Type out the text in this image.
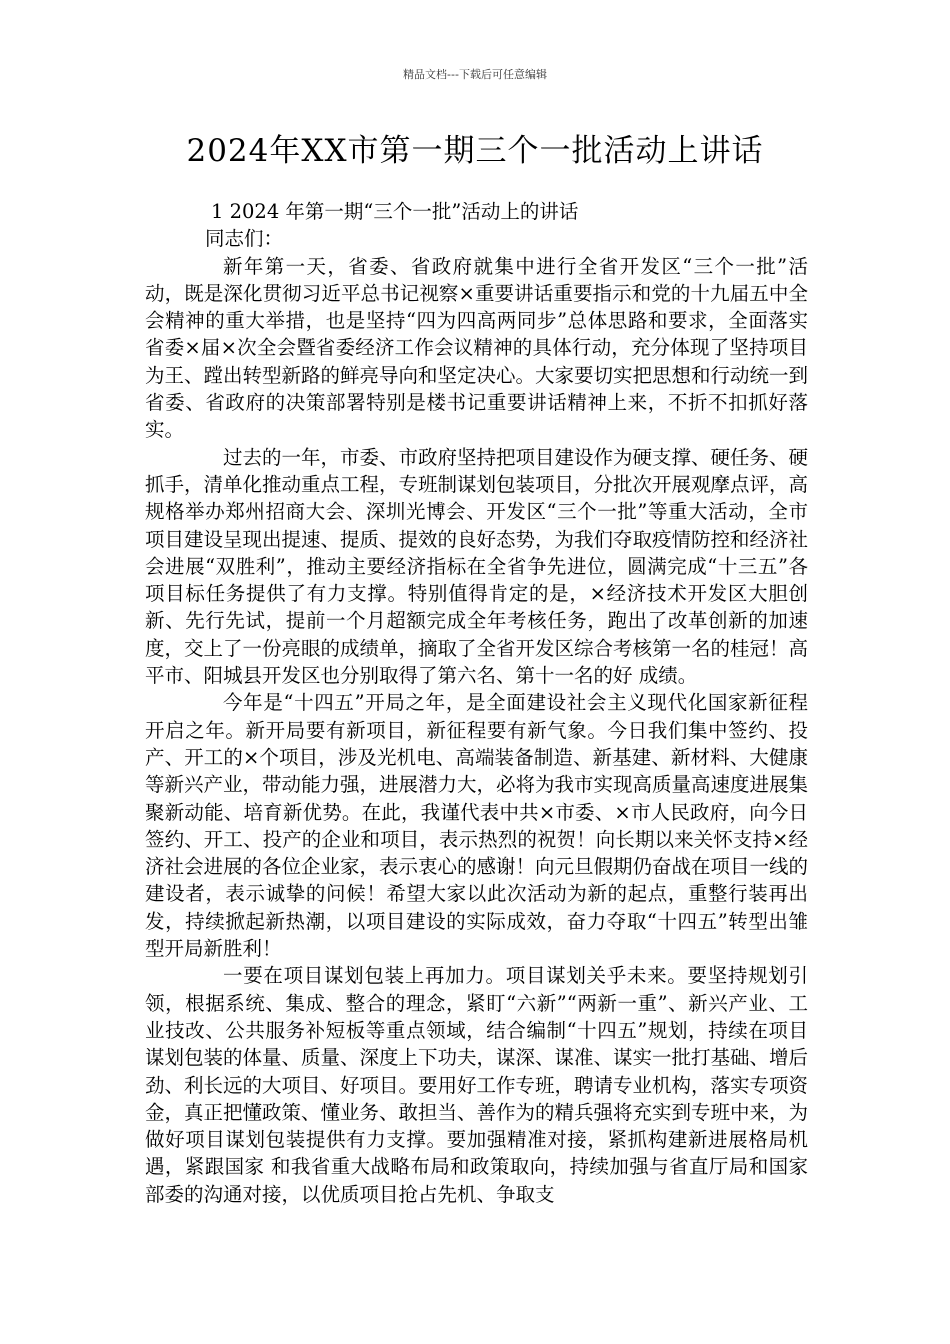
精品文档---下载后可任意编辑
2024年XX市第一期三个一批活动上讲话

1 2024 年第一期“三个一批”活动上的讲话

同志们：

新年第一天，省委、省政府就集中进行全省开发区“三个一批”活动，既是深化贯彻习近平总书记视察×重要讲话重要指示和党的十九届五中全会精神的重大举措，也是坚持“四为四高两同步”总体思路和要求，全面落实省委×届×次全会暨省委经济工作会议精神的具体行动，充分体现了坚持项目为王、蹚出转型新路的鲜亮导向和坚定决心。大家要切实把思想和行动统一到省委、省政府的决策部署特别是楼书记重要讲话精神上来，不折不扣抓好落实。

过去的一年，市委、市政府坚持把项目建设作为硬支撑、硬任务、硬抓手，清单化推动重点工程，专班制谋划包装项目，分批次开展观摩点评，高规格举办郑州招商大会、深圳光博会、开发区“三个一批”等重大活动，全市项目建设呈现出提速、提质、提效的良好态势，为我们夺取疫情防控和经济社会进展“双胜利”，推动主要经济指标在全省争先进位，圆满完成“十三五”各项目标任务提供了有力支撑。特别值得肯定的是，×经济技术开发区大胆创新、先行先试，提前一个月超额完成全年考核任务，跑出了改革创新的加速度，交上了一份亮眼的成绩单，摘取了全省开发区综合考核第一名的桂冠！高平市、阳城县开发区也分别取得了第六名、第十一名的好 成绩。

今年是“十四五”开局之年，是全面建设社会主义现代化国家新征程开启之年。新开局要有新项目，新征程要有新气象。今日我们集中签约、投产、开工的×个项目，涉及光机电、高端装备制造、新基建、新材料、大健康等新兴产业，带动能力强，进展潜力大，必将为我市实现高质量高速度进展集聚新动能、培育新优势。在此，我谨代表中共×市委、×市人民政府，向今日签约、开工、投产的企业和项目，表示热烈的祝贺！向长期以来关怀支持×经济社会进展的各位企业家，表示衷心的感谢！向元旦假期仍奋战在项目一线的建设者，表示诚挚的问候！希望大家以此次活动为新的起点，重整行装再出发，持续掀起新热潮，以项目建设的实际成效，奋力夺取“十四五”转型出雏型开局新胜利！

一要在项目谋划包装上再加力。项目谋划关乎未来。要坚持规划引领，根据系统、集成、整合的理念，紧盯“六新”“两新一重”、新兴产业、工业技改、公共服务补短板等重点领域，结合编制“十四五”规划，持续在项目谋划包装的体量、质量、深度上下功夫，谋深、谋准、谋实一批打基础、增后劲、利长远的大项目、好项目。要用好工作专班，聘请专业机构，落实专项资金，真正把懂政策、懂业务、敢担当、善作为的精兵强将充实到专班中来，为做好项目谋划包装提供有力支撑。要加强精准对接，紧抓构建新进展格局机遇，紧跟国家 和我省重大战略布局和政策取向，持续加强与省直厅局和国家部委的沟通对接，以优质项目抢占先机、争取支
